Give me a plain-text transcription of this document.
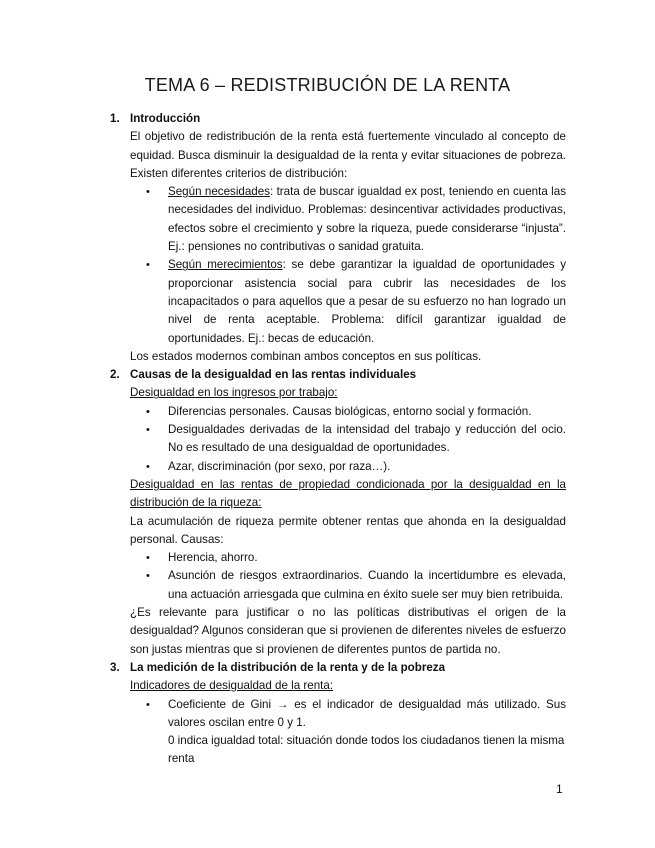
TEMA 6 – REDISTRIBUCIÓN DE LA RENTA
1. Introducción

El objetivo de redistribución de la renta está fuertemente vinculado al concepto de equidad. Busca disminuir la desigualdad de la renta y evitar situaciones de pobreza. Existen diferentes criterios de distribución:

• Según necesidades: trata de buscar igualdad ex post, teniendo en cuenta las necesidades del individuo. Problemas: desincentivar actividades productivas, efectos sobre el crecimiento y sobre la riqueza, puede considerarse “injusta”. Ej.: pensiones no contributivas o sanidad gratuita.
• Según merecimientos: se debe garantizar la igualdad de oportunidades y proporcionar asistencia social para cubrir las necesidades de los incapacitados o para aquellos que a pesar de su esfuerzo no han logrado un nivel de renta aceptable. Problema: difícil garantizar igualdad de oportunidades. Ej.: becas de educación.

Los estados modernos combinan ambos conceptos en sus políticas.

2. Causas de la desigualdad en las rentas individuales

Desigualdad en los ingresos por trabajo:

• Diferencias personales. Causas biológicas, entorno social y formación.
• Desigualdades derivadas de la intensidad del trabajo y reducción del ocio. No es resultado de una desigualdad de oportunidades.
• Azar, discriminación (por sexo, por raza…).

Desigualdad en las rentas de propiedad condicionada por la desigualdad en la distribución de la riqueza:

La acumulación de riqueza permite obtener rentas que ahonda en la desigualdad personal. Causas:

• Herencia, ahorro.
• Asunción de riesgos extraordinarios. Cuando la incertidumbre es elevada, una actuación arriesgada que culmina en éxito suele ser muy bien retribuida.

¿Es relevante para justificar o no las políticas distributivas el origen de la desigualdad? Algunos consideran que si provienen de diferentes niveles de esfuerzo son justas mientras que si provienen de diferentes puntos de partida no.

3. La medición de la distribución de la renta y de la pobreza

Indicadores de desigualdad de la renta:

• Coeficiente de Gini → es el indicador de desigualdad más utilizado. Sus valores oscilan entre 0 y 1.
0 indica igualdad total: situación donde todos los ciudadanos tienen la misma renta
1
